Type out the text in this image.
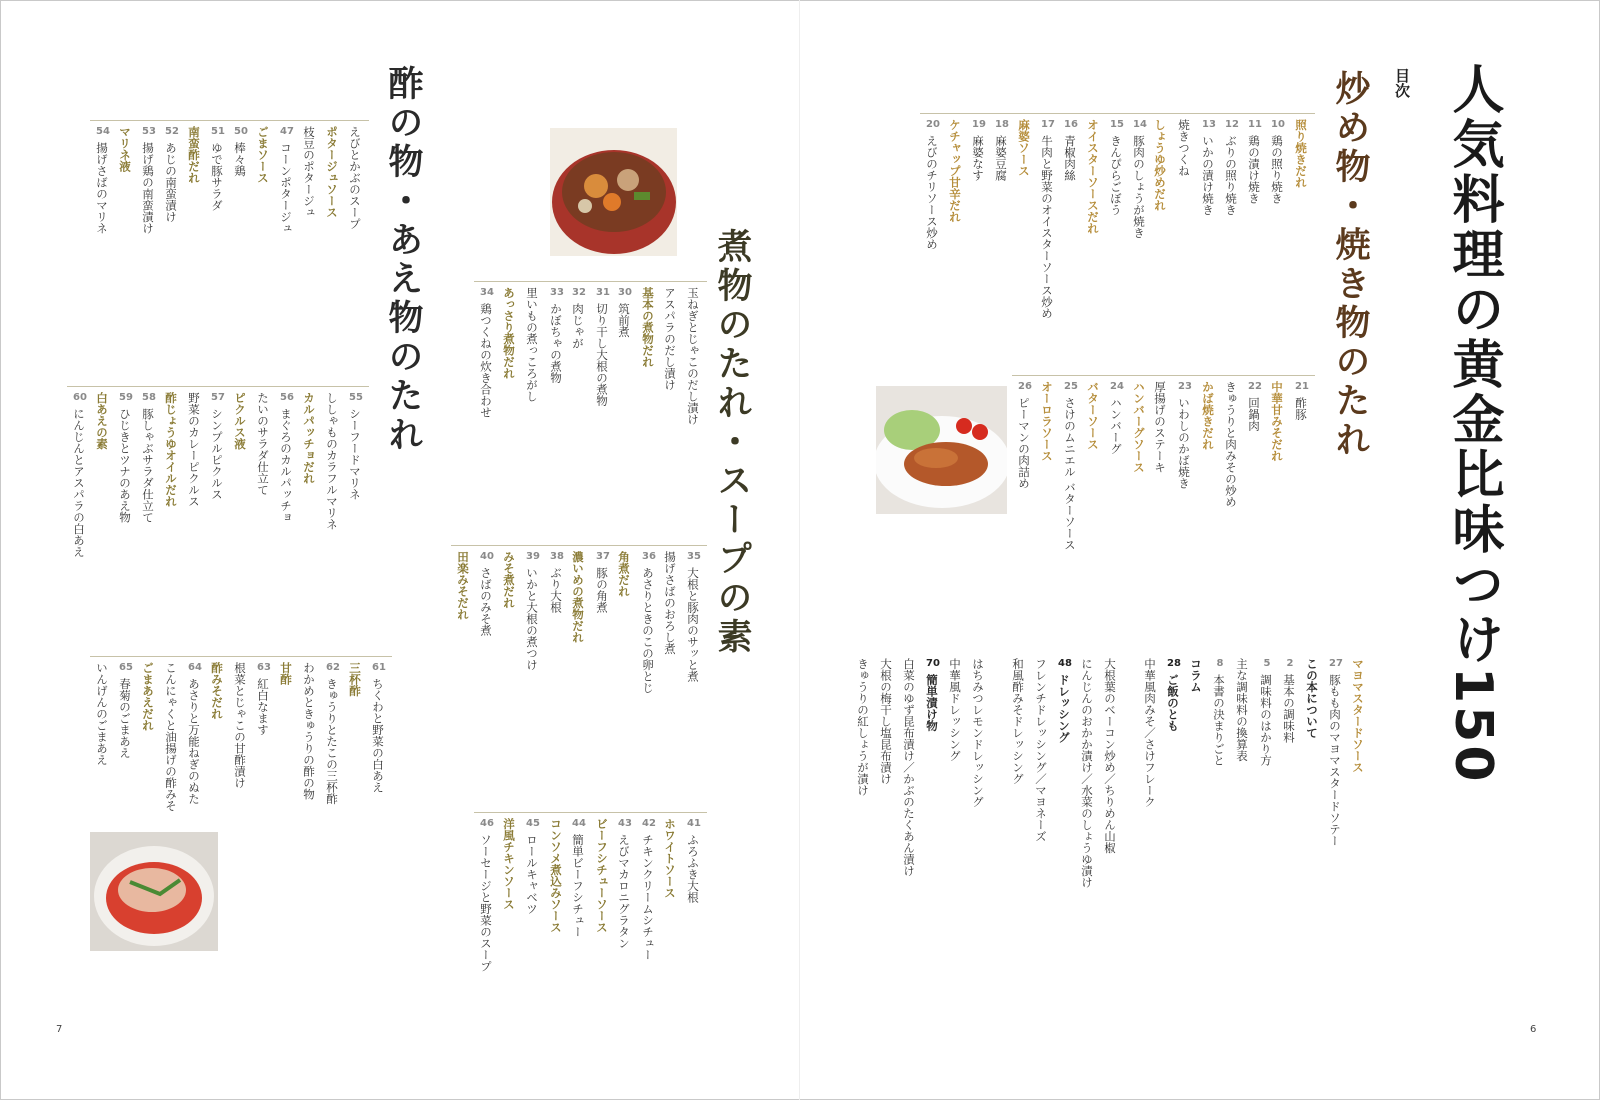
人気料理の黄金比味つけ150
目次
炒め物・焼き物のたれ
煮物のたれ・スープの素
酢の物・あえ物のたれ
6
7
照り焼きだれ
10
鶏の照り焼き
11
鶏の漬け焼き
12
ぶりの照り焼き
13
いかの漬け焼き
焼きつくね
しょうゆ炒めだれ
14
豚肉のしょうが焼き
15
きんぴらごぼう
オイスターソースだれ
16
青椒肉絲
17
牛肉と野菜のオイスターソース炒め
麻婆ソース
18
麻婆豆腐
19
麻婆なす
ケチャップ甘辛だれ
20
えびのチリソース炒め
21
酢豚
中華甘みそだれ
22
回鍋肉
きゅうりと肉みその炒め
かば焼きだれ
23
いわしのかば焼き
厚揚げのステーキ
ハンバーグソース
24
ハンバーグ
バターソース
25
さけのムニエル バターソース
オーロラソース
26
ピーマンの肉詰め
マヨマスタードソース
27
豚もも肉のマヨマスタードソテー
この本について
2
基本の調味料
5
調味料のはかり方
主な調味料の換算表
8
本書の決まりごと
コラム
28
ご飯のとも
中華風肉みそ／さけフレーク
大根葉のベーコン炒め／ちりめん山椒
にんじんのおかか漬け／水菜のしょうゆ漬け
48
ドレッシング
フレンチドレッシング／マヨネーズ
和風酢みそドレッシング
はちみつレモンドレッシング
中華風ドレッシング
70
簡単漬け物
白菜のゆず昆布漬け／かぶのたくあん漬け
大根の梅干し塩昆布漬け
きゅうりの紅しょうが漬け
玉ねぎとじゃこのだし漬け
アスパラのだし漬け
基本の煮物だれ
30
筑前煮
31
切り干し大根の煮物
32
肉じゃが
33
かぼちゃの煮物
里いもの煮っころがし
あっさり煮物だれ
34
鶏つくねの炊き合わせ
35
大根と豚肉のサッと煮
揚げさばのおろし煮
36
あさりときのこの卵とじ
角煮だれ
37
豚の角煮
濃いめの煮物だれ
38
ぶり大根
39
いかと大根の煮つけ
みそ煮だれ
40
さばのみそ煮
田楽みそだれ
41
ふろふき大根
ホワイトソース
42
チキンクリームシチュー
43
えびマカロニグラタン
ビーフシチューソース
44
簡単ビーフシチュー
コンソメ煮込みソース
45
ロールキャベツ
洋風チキンソース
46
ソーセージと野菜のスープ
えびとかぶのスープ
ポタージュソース
枝豆のポタージュ
47
コーンポタージュ
ごまソース
50
棒々鶏
51
ゆで豚サラダ
南蛮酢だれ
52
あじの南蛮漬け
53
揚げ鶏の南蛮漬け
マリネ液
54
揚げさばのマリネ
55
シーフードマリネ
ししゃものカラフルマリネ
カルパッチョだれ
56
まぐろのカルパッチョ
たいのサラダ仕立て
ピクルス液
57
シンプルピクルス
野菜のカレーピクルス
酢じょうゆオイルだれ
58
豚しゃぶサラダ仕立て
59
ひじきとツナのあえ物
白あえの素
60
にんじんとアスパラの白あえ
61
ちくわと野菜の白あえ
三杯酢
62
きゅうりとたこの三杯酢
わかめときゅうりの酢の物
甘酢
63
紅白なます
根菜とじゃこの甘酢漬け
酢みそだれ
64
あさりと万能ねぎのぬた
こんにゃくと油揚げの酢みそ
ごまあえだれ
65
春菊のごまあえ
いんげんのごまあえ
